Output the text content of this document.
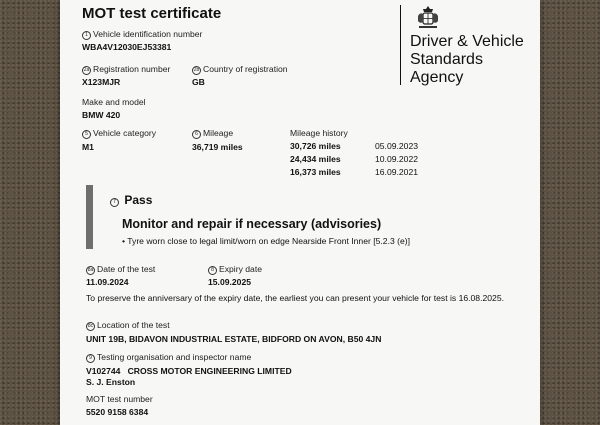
MOT test certificate
Driver & Vehicle
Standards
Agency
1 Vehicle identification number
WBA4V12030EJ53381
2a Registration number
X123MJR
2b Country of registration
GB
Make and model
BMW 420
5 Vehicle category
M1
6 Mileage
36,719 miles
Mileage history
30,726 miles	05.09.2023
24,434 miles	10.09.2022
16,373 miles	16.09.2021
7 Pass
Monitor and repair if necessary (advisories)
• Tyre worn close to legal limit/worn on edge Nearside Front Inner [5.2.3 (e)]
8a Date of the test
11.09.2024
8 Expiry date
15.09.2025
To preserve the anniversary of the expiry date, the earliest you can present your vehicle for test is 16.08.2025.
8c Location of the test
UNIT 19B, BIDAVON INDUSTRIAL ESTATE, BIDFORD ON AVON, B50 4JN
9 Testing organisation and inspector name
V102744   CROSS MOTOR ENGINEERING LIMITED
S. J. Enston
MOT test number
5520 9158 6384
